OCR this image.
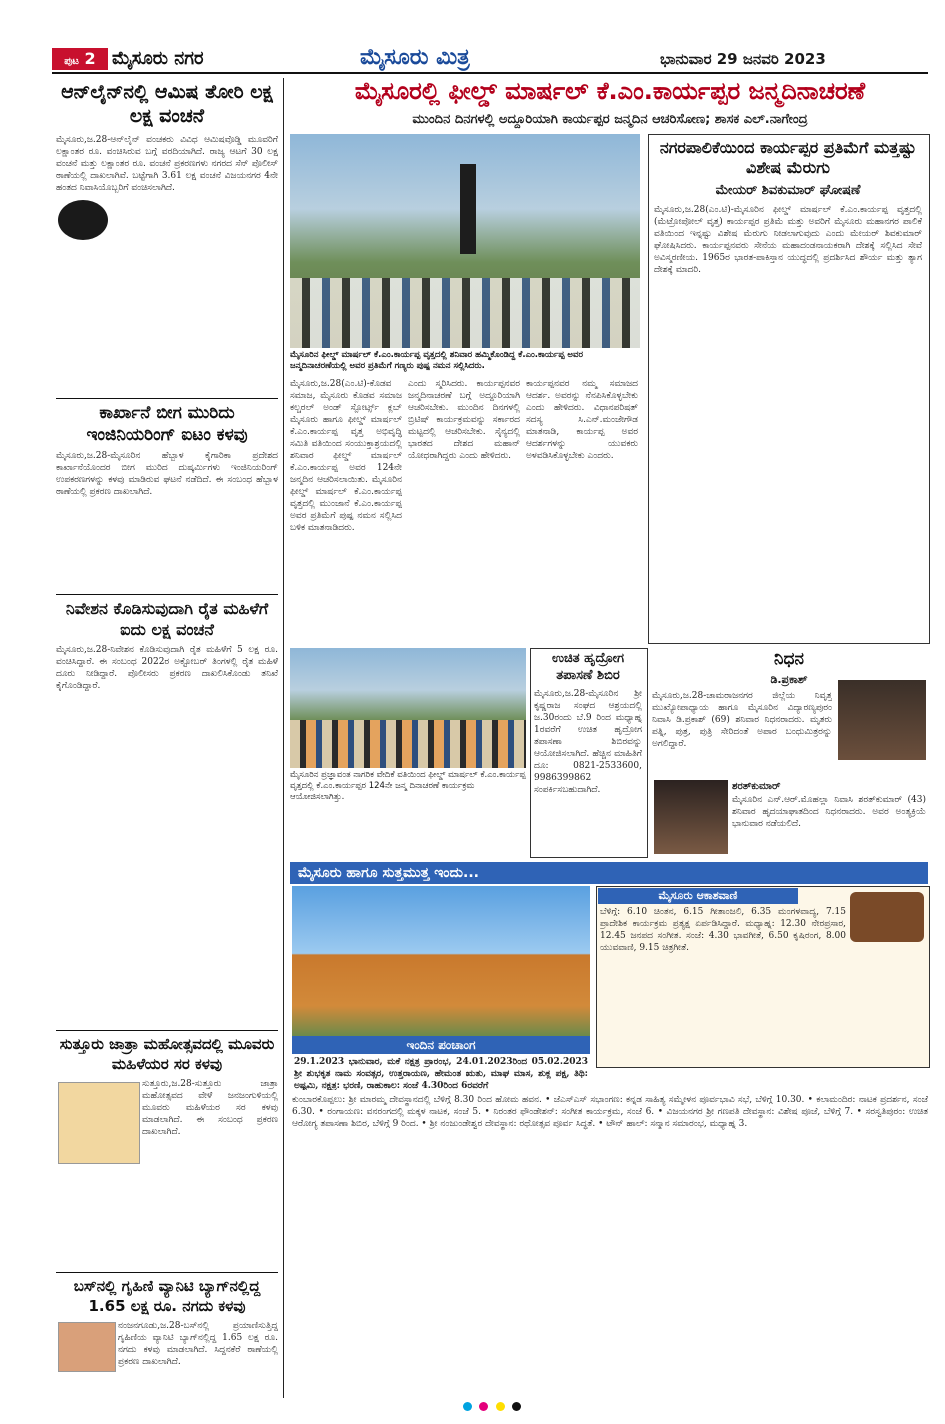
ಪುಟ 2 ಮೈಸೂರು ನಗರ	ಮೈಸೂರು ಮಿತ್ರ	ಭಾನುವಾರ 29 ಜನವರಿ 2023
ಆನ್‌ಲೈನ್‌ನಲ್ಲಿ ಆಮಿಷ ತೋರಿ ಲಕ್ಷ ಲಕ್ಷ ವಂಚನೆ
ಮೈಸೂರು,ಜ.28-ಆನ್‌ಲೈನ್ ವಂಚಕರು ವಿವಿಧ ಆಮಿಷವೊಡ್ಡಿ ಮೂವರಿಗೆ ಲಕ್ಷಾಂತರ ರೂ. ವಂಚಿಸಿರುವ ಬಗ್ಗೆ ವರದಿಯಾಗಿದೆ. ರಾಜ್ಯ ಆಟಗೆ 30 ಲಕ್ಷ ವಂಚನೆ ಮತ್ತು ಲಕ್ಷಾಂತರ ರೂ. ವಂಚನೆ ಪ್ರಕರಣಗಳು ನಗರದ ಸೆನ್ ಪೊಲೀಸ್ ಠಾಣೆಯಲ್ಲಿ ದಾಖಲಾಗಿವೆ. ಬಟ್ಟೆಗಾಗಿ 3.61 ಲಕ್ಷ ವಂಚನೆ ವಿಜಯನಗರ 4ನೇ ಹಂತದ ನಿವಾಸಿಯೊಬ್ಬರಿಗೆ ವಂಚಿಸಲಾಗಿದೆ.
ಕಾರ್ಖಾನೆ ಬೀಗ ಮುರಿದು ಇಂಜಿನಿಯರಿಂಗ್ ಐಟಂ ಕಳವು
ಮೈಸೂರು,ಜ.28-ಮೈಸೂರಿನ ಹೆಬ್ಬಾಳ ಕೈಗಾರಿಕಾ ಪ್ರದೇಶದ ಕಾರ್ಖಾನೆಯೊಂದರ ಬೀಗ ಮುರಿದ ದುಷ್ಕರ್ಮಿಗಳು ಇಂಜಿನಿಯರಿಂಗ್ ಉಪಕರಣಗಳನ್ನು ಕಳವು ಮಾಡಿರುವ ಘಟನೆ ನಡೆದಿದೆ. ಈ ಸಂಬಂಧ ಹೆಬ್ಬಾಳ ಠಾಣೆಯಲ್ಲಿ ಪ್ರಕರಣ ದಾಖಲಾಗಿದೆ.
ನಿವೇಶನ ಕೊಡಿಸುವುದಾಗಿ ರೈತ ಮಹಿಳೆಗೆ ಐದು ಲಕ್ಷ ವಂಚನೆ
ಮೈಸೂರು,ಜ.28-ನಿವೇಶನ ಕೊಡಿಸುವುದಾಗಿ ರೈತ ಮಹಿಳೆಗೆ 5 ಲಕ್ಷ ರೂ. ವಂಚಿಸಿದ್ದಾರೆ. ಈ ಸಂಬಂಧ 2022ರ ಅಕ್ಟೋಬರ್ ತಿಂಗಳಲ್ಲಿ ರೈತ ಮಹಿಳೆ ದೂರು ನೀಡಿದ್ದಾರೆ. ಪೊಲೀಸರು ಪ್ರಕರಣ ದಾಖಲಿಸಿಕೊಂಡು ತನಿಖೆ ಕೈಗೊಂಡಿದ್ದಾರೆ.
ಸುತ್ತೂರು ಜಾತ್ರಾ ಮಹೋತ್ಸವದಲ್ಲಿ ಮೂವರು ಮಹಿಳೆಯರ ಸರ ಕಳವು
ಸುತ್ತೂರು,ಜ.28-ಸುತ್ತೂರು ಜಾತ್ರಾ ಮಹೋತ್ಸವದ ವೇಳೆ ಜನಜಂಗುಳಿಯಲ್ಲಿ ಮೂವರು ಮಹಿಳೆಯರ ಸರ ಕಳವು ಮಾಡಲಾಗಿದೆ. ಈ ಸಂಬಂಧ ಪ್ರಕರಣ ದಾಖಲಾಗಿದೆ.
ಬಸ್‌ನಲ್ಲಿ ಗೃಹಿಣಿ ವ್ಯಾನಿಟಿ ಬ್ಯಾಗ್‌ನಲ್ಲಿದ್ದ 1.65 ಲಕ್ಷ ರೂ. ನಗದು ಕಳವು
ನಂಜನಗೂಡು,ಜ.28-ಬಸ್‌ನಲ್ಲಿ ಪ್ರಯಾಣಿಸುತ್ತಿದ್ದ ಗೃಹಿಣಿಯ ವ್ಯಾನಿಟಿ ಬ್ಯಾಗ್‌ನಲ್ಲಿದ್ದ 1.65 ಲಕ್ಷ ರೂ. ನಗದು ಕಳವು ಮಾಡಲಾಗಿದೆ. ಸಿದ್ದನಕೆರೆ ಠಾಣೆಯಲ್ಲಿ ಪ್ರಕರಣ ದಾಖಲಾಗಿದೆ.
ಮೈಸೂರಲ್ಲಿ ಫೀಲ್ಡ್ ಮಾರ್ಷಲ್ ಕೆ.ಎಂ.ಕಾರ್ಯಪ್ಪರ ಜನ್ಮದಿನಾಚರಣೆ
ಮುಂದಿನ ದಿನಗಳಲ್ಲಿ ಅದ್ದೂರಿಯಾಗಿ ಕಾರ್ಯಪ್ಪರ ಜನ್ಮದಿನ ಆಚರಿಸೋಣ; ಶಾಸಕ ಎಲ್.ನಾಗೇಂದ್ರ
ಮೈಸೂರಿನ ಫೀಲ್ಡ್ ಮಾರ್ಷಲ್ ಕೆ.ಎಂ.ಕಾರ್ಯಪ್ಪ ವೃತ್ತದಲ್ಲಿ ಶನಿವಾರ ಹಮ್ಮಿಕೊಂಡಿದ್ದ ಕೆ.ಎಂ.ಕಾರ್ಯಪ್ಪ ಅವರ ಜನ್ಮದಿನಾಚರಣೆಯಲ್ಲಿ ಅವರ ಪ್ರತಿಮೆಗೆ ಗಣ್ಯರು ಪುಷ್ಪ ನಮನ ಸಲ್ಲಿಸಿದರು.
ಮೈಸೂರು,ಜ.28(ಎಂ.ಟಿ)-ಕೊಡವ ಸಮಾಜ, ಮೈಸೂರು ಕೊಡವ ಸಮಾಜ ಕಲ್ಚರಲ್ ಅಂಡ್ ಸ್ಪೋರ್ಟ್ಸ್ ಕ್ಲಬ್ ಮೈಸೂರು ಹಾಗೂ ಫೀಲ್ಡ್ ಮಾರ್ಷಲ್ ಕೆ.ಎಂ.ಕಾರ್ಯಪ್ಪ ವೃತ್ತ ಅಭಿವೃದ್ಧಿ ಸಮಿತಿ ವತಿಯಿಂದ ಸಂಯುಕ್ತಾಶ್ರಯದಲ್ಲಿ ಶನಿವಾರ ಫೀಲ್ಡ್ ಮಾರ್ಷಲ್ ಕೆ.ಎಂ.ಕಾರ್ಯಪ್ಪ ಅವರ 124ನೇ ಜನ್ಮದಿನ ಆಚರಿಸಲಾಯಿತು. ಮೈಸೂರಿನ ಫೀಲ್ಡ್ ಮಾರ್ಷಲ್ ಕೆ.ಎಂ.ಕಾರ್ಯಪ್ಪ ವೃತ್ತದಲ್ಲಿ ಮುಂಜಾನೆ ಕೆ.ಎಂ.ಕಾರ್ಯಪ್ಪ ಅವರ ಪ್ರತಿಮೆಗೆ ಪುಷ್ಪ ನಮನ ಸಲ್ಲಿಸಿದ ಬಳಿಕ ಮಾತನಾಡಿದರು.
ಎಂದು ಸ್ಮರಿಸಿದರು. ಕಾರ್ಯಪ್ಪನವರ ಜನ್ಮದಿನಾಚರಣೆ ಬಗ್ಗೆ ಅದ್ದೂರಿಯಾಗಿ ಆಚರಿಸಬೇಕು. ಮುಂದಿನ ದಿನಗಳಲ್ಲಿ ಬ್ರಿಟಿಷ್ ಕಾರ್ಯಕ್ರಮವನ್ನು ಸರ್ಕಾರದ ಮಟ್ಟದಲ್ಲಿ ಆಚರಿಸಬೇಕು. ಸೈನ್ಯದಲ್ಲಿ ಭಾರತದ ದೇಶದ ಮಹಾನ್ ಯೋಧರಾಗಿದ್ದರು ಎಂದು ಹೇಳಿದರು.
ಕಾರ್ಯಪ್ಪನವರ ನಮ್ಮ ಸಮಾಜದ ಆದರ್ಶ. ಅವರನ್ನು ನೆನಪಿಸಿಕೊಳ್ಳಬೇಕು ಎಂದು ಹೇಳಿದರು. ವಿಧಾನಪರಿಷತ್ ಸದಸ್ಯ ಸಿ.ಎನ್.ಮಂಜೇಗೌಡ ಮಾತನಾಡಿ, ಕಾರ್ಯಪ್ಪ ಅವರ ಆದರ್ಶಗಳನ್ನು ಯುವಕರು ಅಳವಡಿಸಿಕೊಳ್ಳಬೇಕು ಎಂದರು.
ನಗರಪಾಲಿಕೆಯಿಂದ ಕಾರ್ಯಪ್ಪರ ಪ್ರತಿಮೆಗೆ ಮತ್ತಷ್ಟು ವಿಶೇಷ ಮೆರುಗು
ಮೇಯರ್ ಶಿವಕುಮಾರ್ ಘೋಷಣೆ
ಮೈಸೂರು,ಜ.28(ಎಂ.ಟಿ)-ಮೈಸೂರಿನ ಫೀಲ್ಡ್ ಮಾರ್ಷಲ್ ಕೆ.ಎಂ.ಕಾರ್ಯಪ್ಪ ವೃತ್ತದಲ್ಲಿ (ಮೆಟ್ರೋಪೋಲ್ ವೃತ್ತ) ಕಾರ್ಯಪ್ಪರ ಪ್ರತಿಮೆ ಮತ್ತು ಅವರಿಗೆ ಮೈಸೂರು ಮಹಾನಗರ ಪಾಲಿಕೆ ವತಿಯಿಂದ ಇನ್ನಷ್ಟು ವಿಶೇಷ ಮೆರುಗು ನೀಡಲಾಗುವುದು ಎಂದು ಮೇಯರ್ ಶಿವಕುಮಾರ್ ಘೋಷಿಸಿದರು. ಕಾರ್ಯಪ್ಪನವರು ಸೇನೆಯ ಮಹಾದಂಡನಾಯಕರಾಗಿ ದೇಶಕ್ಕೆ ಸಲ್ಲಿಸಿದ ಸೇವೆ ಅವಿಸ್ಮರಣೀಯ. 1965ರ ಭಾರತ-ಪಾಕಿಸ್ತಾನ ಯುದ್ಧದಲ್ಲಿ ಪ್ರದರ್ಶಿಸಿದ ಶೌರ್ಯ ಮತ್ತು ತ್ಯಾಗ ದೇಶಕ್ಕೆ ಮಾದರಿ.
ಮೈಸೂರಿನ ಪ್ರಜ್ಞಾವಂತ ನಾಗರಿಕ ವೇದಿಕೆ ವತಿಯಿಂದ ಫೀಲ್ಡ್ ಮಾರ್ಷಲ್ ಕೆ.ಎಂ.ಕಾರ್ಯಪ್ಪ ವೃತ್ತದಲ್ಲಿ ಕೆ.ಎಂ.ಕಾರ್ಯಪ್ಪರ 124ನೇ ಜನ್ಮ ದಿನಾಚರಣೆ ಕಾರ್ಯಕ್ರಮ ಆಯೋಜಿಸಲಾಗಿತ್ತು.
ಉಚಿತ ಹೃದ್ರೋಗ ತಪಾಸಣೆ ಶಿಬಿರ
ಮೈಸೂರು,ಜ.28-ಮೈಸೂರಿನ ಶ್ರೀ ಕೃಷ್ಣರಾಜ ಸಂಘದ ಆಶ್ರಯದಲ್ಲಿ ಜ.30ರಂದು ಬೆ.9 ರಿಂದ ಮಧ್ಯಾಹ್ನ 1ರವರೆಗೆ ಉಚಿತ ಹೃದ್ರೋಗ ತಪಾಸಣಾ ಶಿಬಿರವನ್ನು ಆಯೋಜಿಸಲಾಗಿದೆ. ಹೆಚ್ಚಿನ ಮಾಹಿತಿಗೆ ದೂ: 0821-2533600, 9986399862 ಸಂಪರ್ಕಿಸಬಹುದಾಗಿದೆ.
ನಿಧನ
ಡಿ.ಪ್ರಕಾಶ್
ಮೈಸೂರು,ಜ.28-ಚಾಮರಾಜನಗರ ಜಿಲ್ಲೆಯ ನಿವೃತ್ತ ಮುಖ್ಯೋಪಾಧ್ಯಾಯ ಹಾಗೂ ಮೈಸೂರಿನ ವಿದ್ಯಾರಣ್ಯಪುರಂ ನಿವಾಸಿ ಡಿ.ಪ್ರಕಾಶ್ (69) ಶನಿವಾರ ನಿಧನರಾದರು. ಮೃತರು ಪತ್ನಿ, ಪುತ್ರ, ಪುತ್ರಿ ಸೇರಿದಂತೆ ಅಪಾರ ಬಂಧುಮಿತ್ರರನ್ನು ಅಗಲಿದ್ದಾರೆ.
ಶರತ್‌ಕುಮಾರ್
ಮೈಸೂರಿನ ಎನ್.ಆರ್.ಮೊಹಲ್ಲಾ ನಿವಾಸಿ ಶರತ್‌ಕುಮಾರ್ (43) ಶನಿವಾರ ಹೃದಯಾಘಾತದಿಂದ ನಿಧನರಾದರು. ಅವರ ಅಂತ್ಯಕ್ರಿಯೆ ಭಾನುವಾರ ನಡೆಯಲಿದೆ.
ಮೈಸೂರು ಹಾಗೂ ಸುತ್ತಮುತ್ತ ಇಂದು...
ಇಂದಿನ ಪಂಚಾಂಗ
29.1.2023 ಭಾನುವಾರ, ಮಕೆ ನಕ್ಷತ್ರ ಪ್ರಾರಂಭ, 24.01.2023ರಿಂದ 05.02.2023 ಶ್ರೀ ಶುಭಕೃತ ನಾಮ ಸಂವತ್ಸರ, ಉತ್ತರಾಯಣ, ಹೇಮಂತ ಋತು, ಮಾಘ ಮಾಸ, ಶುಕ್ಲ ಪಕ್ಷ, ತಿಥಿ: ಅಷ್ಟಮಿ, ನಕ್ಷತ್ರ: ಭರಣಿ, ರಾಹುಕಾಲ: ಸಂಜೆ 4.30ರಿಂದ 6ರವರೆಗೆ
ಮೈಸೂರು ಆಕಾಶವಾಣಿ
ಬೆಳಿಗ್ಗೆ: 6.10 ಚಿಂತನ, 6.15 ಗೀತಾಂಜಲಿ, 6.35 ಮಂಗಳವಾದ್ಯ, 7.15 ಪ್ರಾದೇಶಿಕ ಕಾರ್ಯಕ್ರಮ ಪ್ರತ್ಯಕ್ಷ ಏರ್ಪಡಿಸಿದ್ದಾರೆ. ಮಧ್ಯಾಹ್ನ: 12.30 ನೇರಪ್ರಸಾರ, 12.45 ಜನಪದ ಸಂಗೀತ. ಸಂಜೆ: 4.30 ಭಾವಗೀತೆ, 6.50 ಕೃಷಿರಂಗ, 8.00 ಯುವವಾಣಿ, 9.15 ಚಿತ್ರಗೀತೆ.
ಕುಂಬಾರಕೊಪ್ಪಲು: ಶ್ರೀ ಮಾರಮ್ಮ ದೇವಸ್ಥಾನದಲ್ಲಿ ಬೆಳಿಗ್ಗೆ 8.30 ರಿಂದ ಹೋಮ ಹವನ. • ಜೆಎಸ್‌ಎಸ್ ಸಭಾಂಗಣ: ಕನ್ನಡ ಸಾಹಿತ್ಯ ಸಮ್ಮೇಳನ ಪೂರ್ವಭಾವಿ ಸಭೆ, ಬೆಳಿಗ್ಗೆ 10.30. • ಕಲಾಮಂದಿರ: ನಾಟಕ ಪ್ರದರ್ಶನ, ಸಂಜೆ 6.30. • ರಂಗಾಯಣ: ವನರಂಗದಲ್ಲಿ ಮಕ್ಕಳ ನಾಟಕ, ಸಂಜೆ 5. • ನಿರಂತರ ಫೌಂಡೇಶನ್: ಸಂಗೀತ ಕಾರ್ಯಕ್ರಮ, ಸಂಜೆ 6. • ವಿಜಯನಗರ ಶ್ರೀ ಗಣಪತಿ ದೇವಸ್ಥಾನ: ವಿಶೇಷ ಪೂಜೆ, ಬೆಳಿಗ್ಗೆ 7. • ಸರಸ್ವತಿಪುರಂ: ಉಚಿತ ಆರೋಗ್ಯ ತಪಾಸಣಾ ಶಿಬಿರ, ಬೆಳಿಗ್ಗೆ 9 ರಿಂದ. • ಶ್ರೀ ನಂಜುಂಡೇಶ್ವರ ದೇವಸ್ಥಾನ: ರಥೋತ್ಸವ ಪೂರ್ವ ಸಿದ್ಧತೆ. • ಟೌನ್ ಹಾಲ್: ಸನ್ಮಾನ ಸಮಾರಂಭ, ಮಧ್ಯಾಹ್ನ 3.
